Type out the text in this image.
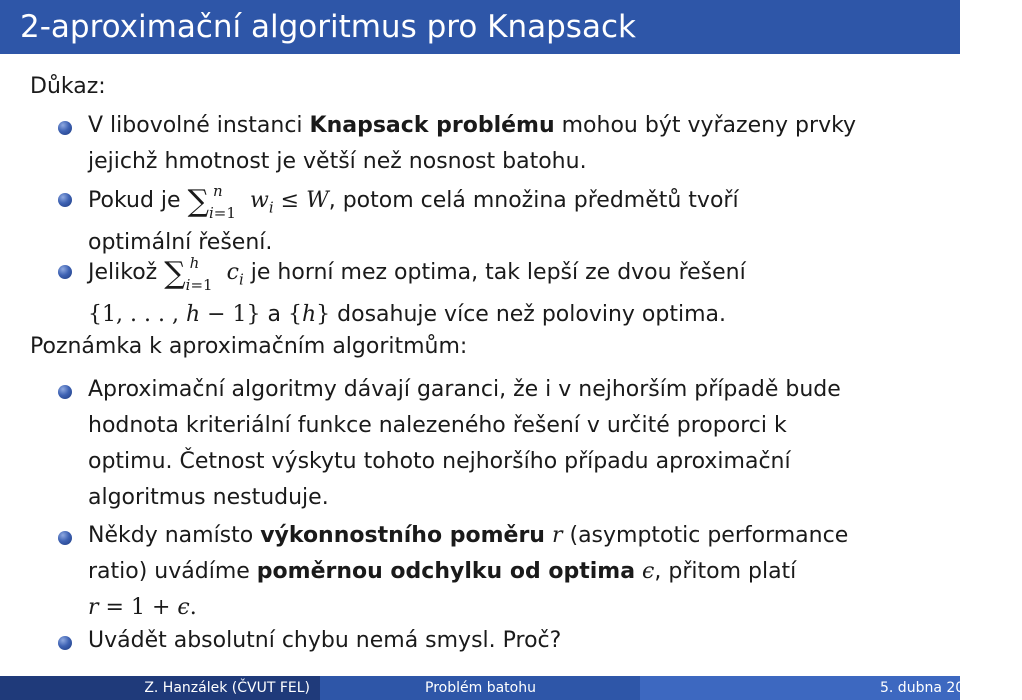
2-aproximační algoritmus pro Knapsack
Důkaz:
V libovolné instanci Knapsack problému mohou být vyřazeny prvky
jejichž hmotnost je větší než nosnost batohu.
Pokud je ∑ n
i=1 $w_i \le W$, potom celá množina předmětů tvoří
optimální řešení.
Jelikož ∑ h
i=1 $c_i$ je horní mez optima, tak lepší ze dvou řešení
{1, . . . , h − 1} a {h} dosahuje více než poloviny optima.
Poznámka k aproximačním algoritmům:
Aproximační algoritmy dávají garanci, že i v nejhorším případě bude
hodnota kriteriální funkce nalezeného řešení v určité proporci k
optimu. Četnost výskytu tohoto nejhoršího případu aproximační
algoritmus nestuduje.
Někdy namísto výkonnostního poměru r (asymptotic performance
ratio) uvádíme poměrnou odchylku od optima ϵ, přitom platí
r = 1 + ϵ.
Uvádět absolutní chybu nemá smysl. Proč?
Z. Hanzálek (ČVUT FEL)	Problém batohu	5. dubna 2011 7 / 15
